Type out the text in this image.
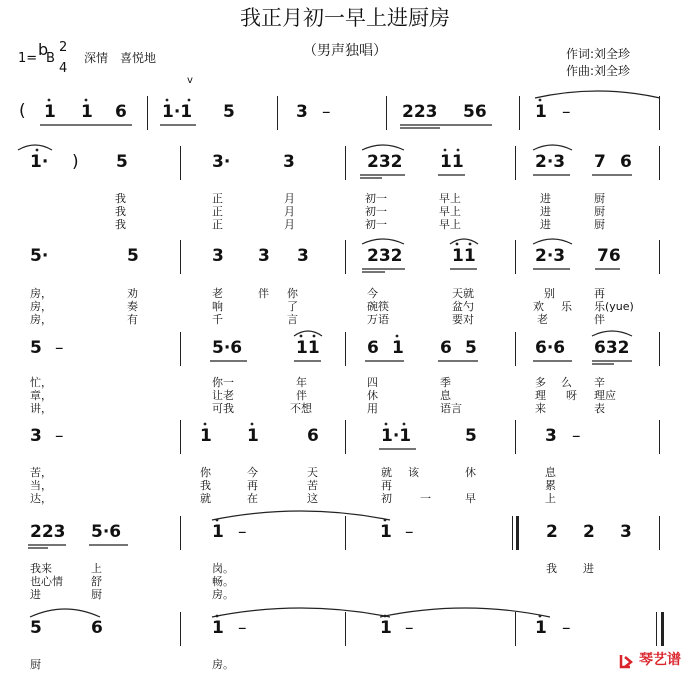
我正月初一早上进厨房
（男声独唱）
1= b
B
2
4
深情　喜悦地	作词:刘全珍
作曲:刘全珍
v
( 1 1 6 1·1 5	3 –	223 56	1 –
1· ) 5	3·	3	232 11	2·3 7 6
我	正	月	初一	早上	进	厨
我	正	月	初一	早上	进	厨
我	正	月	初一	早上	进	厨
5·	5	3 3 3	232	11	2·3 76
房，	劝	老	伴 你	今	天就	别	再
房，	奏	响	了	碗筷	盆勺	欢 乐 乐(yue)
房，	有	千	言	万语	要对	老	伴
5 –	5·6	11	6 1 6 5	6·6 632
忙，	你一	年	四	季	多 么 辛
章，	让老	伴	休	息	理 呀 理应
讲，	可我	不想	用	语言	来	表
3 –	1 1	6	1·1	5	3 –
苦，	你	今	天	就 该	休	息
当，	我	再	苦	再	累
达，	就	在	这	初	一	早	上
223 5·6	1 –	1 –	2 2 3
我来	上	岗。	我 进
也心情	舒	畅。
进	厨	房。
5	6	1 –	1 –	1 –
厨	房。	琴艺谱
